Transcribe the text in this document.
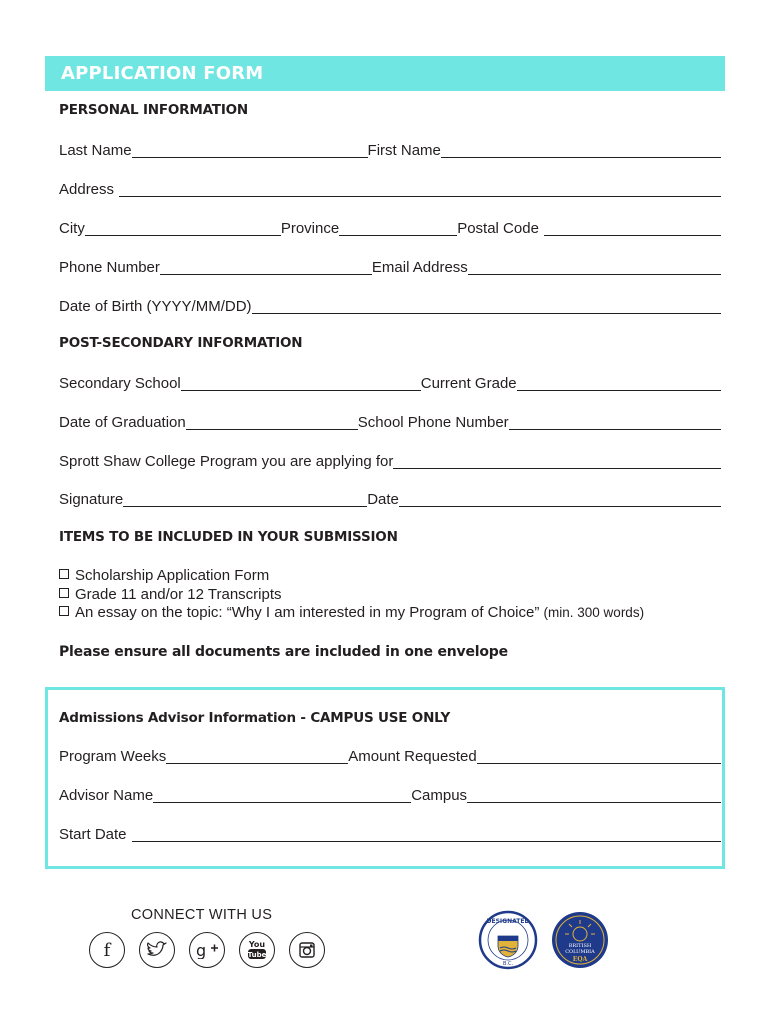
APPLICATION FORM
PERSONAL INFORMATION
Last Name	First Name
Address
City	Province	Postal Code
Phone Number	Email Address
Date of Birth (YYYY/MM/DD)
POST-SECONDARY INFORMATION
Secondary School	Current Grade
Date of Graduation	School Phone Number
Sprott Shaw College Program you are applying for
Signature	Date
ITEMS TO BE INCLUDED IN YOUR SUBMISSION
Scholarship Application Form
Grade 11 and/or 12 Transcripts
An essay on the topic: “Why I am interested in my Program of Choice” (min. 300 words)
Please ensure all documents are included in one envelope
Admissions Advisor Information - CAMPUS USE ONLY
Program Weeks	Amount Requested
Advisor Name	Campus
Start Date
CONNECT WITH US
f	g	You
Tube
DESIGNATED
B.C.
BRITISH
COLUMBIA
EQA
